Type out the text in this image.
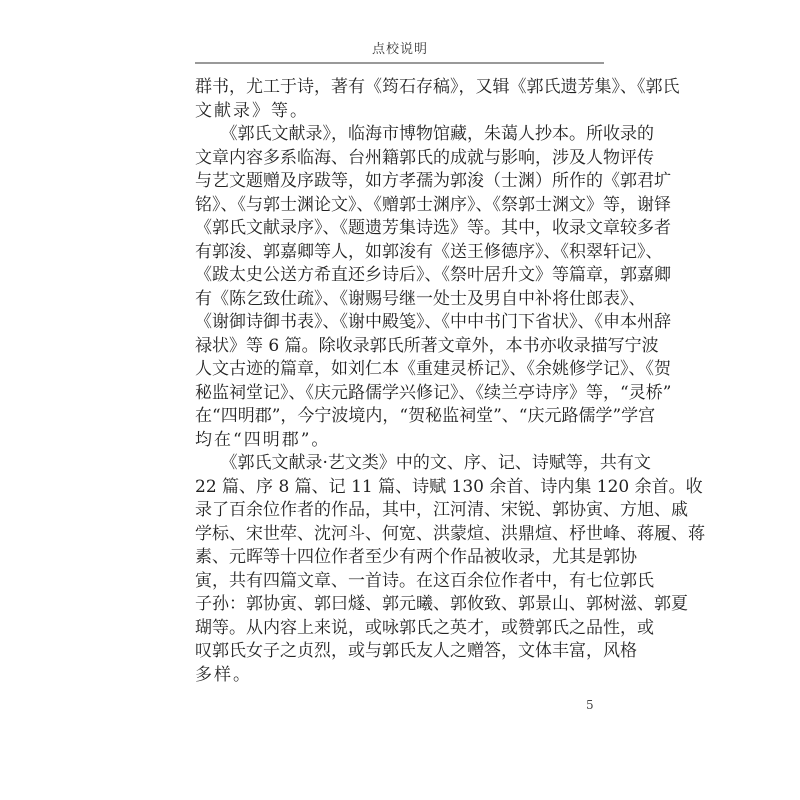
点校说明
群书，尤工于诗，著有《筠石存稿》，又辑《郭氏遗芳集》、《郭氏
文献录》等。
　　《郭氏文献录》，临海市博物馆藏，朱蔼人抄本。所收录的
文章内容多系临海、台州籍郭氏的成就与影响，涉及人物评传
与艺文题赠及序跋等，如方孝孺为郭浚（士渊）所作的《郭君圹
铭》、《与郭士渊论文》、《赠郭士渊序》、《祭郭士渊文》等，谢铎
《郭氏文献录序》、《题遗芳集诗选》等。其中，收录文章较多者
有郭浚、郭嘉卿等人，如郭浚有《送王修德序》、《积翠轩记》、
《跋太史公送方希直还乡诗后》、《祭叶居升文》等篇章，郭嘉卿
有《陈乞致仕疏》、《谢赐号继一处士及男自中补将仕郎表》、
《谢御诗御书表》、《谢中殿笺》、《中中书门下省状》、《申本州辞
禄状》等 6 篇。除收录郭氏所著文章外，本书亦收录描写宁波
人文古迹的篇章，如刘仁本《重建灵桥记》、《余姚修学记》、《贺
秘监祠堂记》、《庆元路儒学兴修记》、《续兰亭诗序》等，“灵桥”
在“四明郡”，今宁波境内，“贺秘监祠堂”、“庆元路儒学”学宫
均在“四明郡”。
　　《郭氏文献录·艺文类》中的文、序、记、诗赋等，共有文
22 篇、序 8 篇、记 11 篇、诗赋 130 余首、诗内集 120 余首。收
录了百余位作者的作品，其中，江河清、宋锐、郭协寅、方旭、戚
学标、宋世荦、沈河斗、何宽、洪蒙煊、洪鼎煊、杼世峰、蒋履、蒋
素、元晖等十四位作者至少有两个作品被收录，尤其是郭协
寅，共有四篇文章、一首诗。在这百余位作者中，有七位郭氏
子孙：郭协寅、郭曰燧、郭元曦、郭攸致、郭景山、郭树滋、郭夏
瑚等。从内容上来说，或咏郭氏之英才，或赞郭氏之品性，或
叹郭氏女子之贞烈，或与郭氏友人之赠答，文体丰富，风格
多样。
5
